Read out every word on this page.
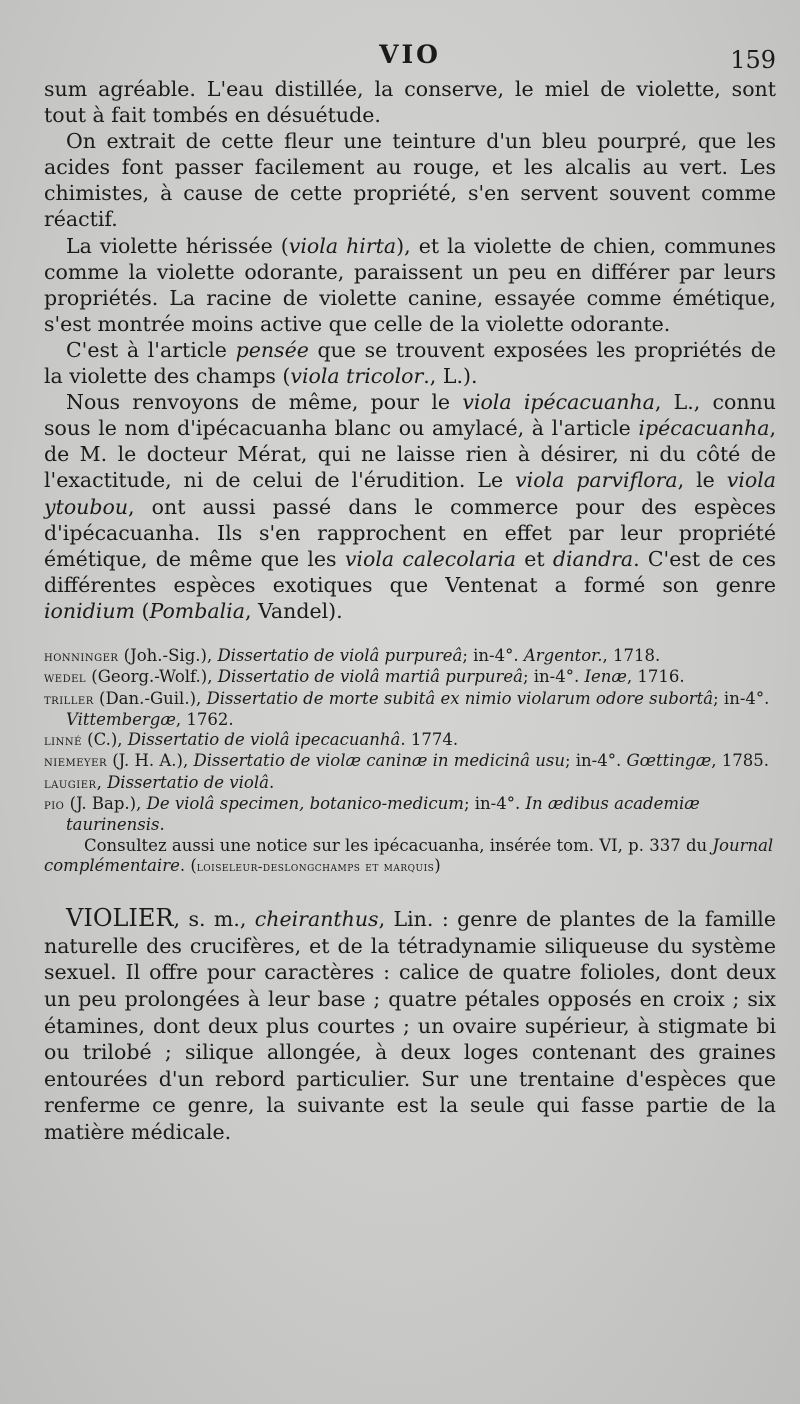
VIO	159

sum agréable. L'eau distillée, la conserve, le miel de violette, sont tout à fait tombés en désuétude.

On extrait de cette fleur une teinture d'un bleu pourpré, que les acides font passer facilement au rouge, et les alcalis au vert. Les chimistes, à cause de cette propriété, s'en servent souvent comme réactif.

La violette hérissée (viola hirta), et la violette de chien, communes comme la violette odorante, paraissent un peu en différer par leurs propriétés. La racine de violette canine, essayée comme émétique, s'est montrée moins active que celle de la violette odorante.

C'est à l'article pensée que se trouvent exposées les propriétés de la violette des champs (viola tricolor., L.).

Nous renvoyons de même, pour le viola ipécacuanha, L., connu sous le nom d'ipécacuanha blanc ou amylacé, à l'article ipécacuanha, de M. le docteur Mérat, qui ne laisse rien à désirer, ni du côté de l'exactitude, ni de celui de l'érudition. Le viola parviflora, le viola ytoubou, ont aussi passé dans le commerce pour des espèces d'ipécacuanha. Ils s'en rapprochent en effet par leur propriété émétique, de même que les viola calecolaria et diandra. C'est de ces différentes espèces exotiques que Ventenat a formé son genre ionidium (Pombalia, Vandel).

honninger (Joh.-Sig.), Dissertatio de violâ purpureâ; in-4°. Argentor., 1718.

wedel (Georg.-Wolf.), Dissertatio de violâ martiâ purpureâ; in-4°. Ienæ, 1716.

triller (Dan.-Guil.), Dissertatio de morte subitâ ex nimio violarum odore subortâ; in-4°. Vittembergæ, 1762.

linné (C.), Dissertatio de violâ ipecacuanhâ. 1774.

niemeyer (J. H. A.), Dissertatio de violæ caninæ in medicinâ usu; in-4°. Gœttingæ, 1785.

laugier, Dissertatio de violâ.

pio (J. Bap.), De violâ specimen, botanico-medicum; in-4°. In ædibus academiæ taurinensis.

Consultez aussi une notice sur les ipécacuanha, insérée tom. VI, p. 337 du Journal complémentaire. (loiseleur-deslongchamps et marquis)

VIOLIER, s. m., cheiranthus, Lin. : genre de plantes de la famille naturelle des crucifères, et de la tétradynamie siliqueuse du système sexuel. Il offre pour caractères : calice de quatre folioles, dont deux un peu prolongées à leur base ; quatre pétales opposés en croix ; six étamines, dont deux plus courtes ; un ovaire supérieur, à stigmate bi ou trilobé ; silique allongée, à deux loges contenant des graines entourées d'un rebord particulier. Sur une trentaine d'espèces que renferme ce genre, la suivante est la seule qui fasse partie de la matière médicale.
